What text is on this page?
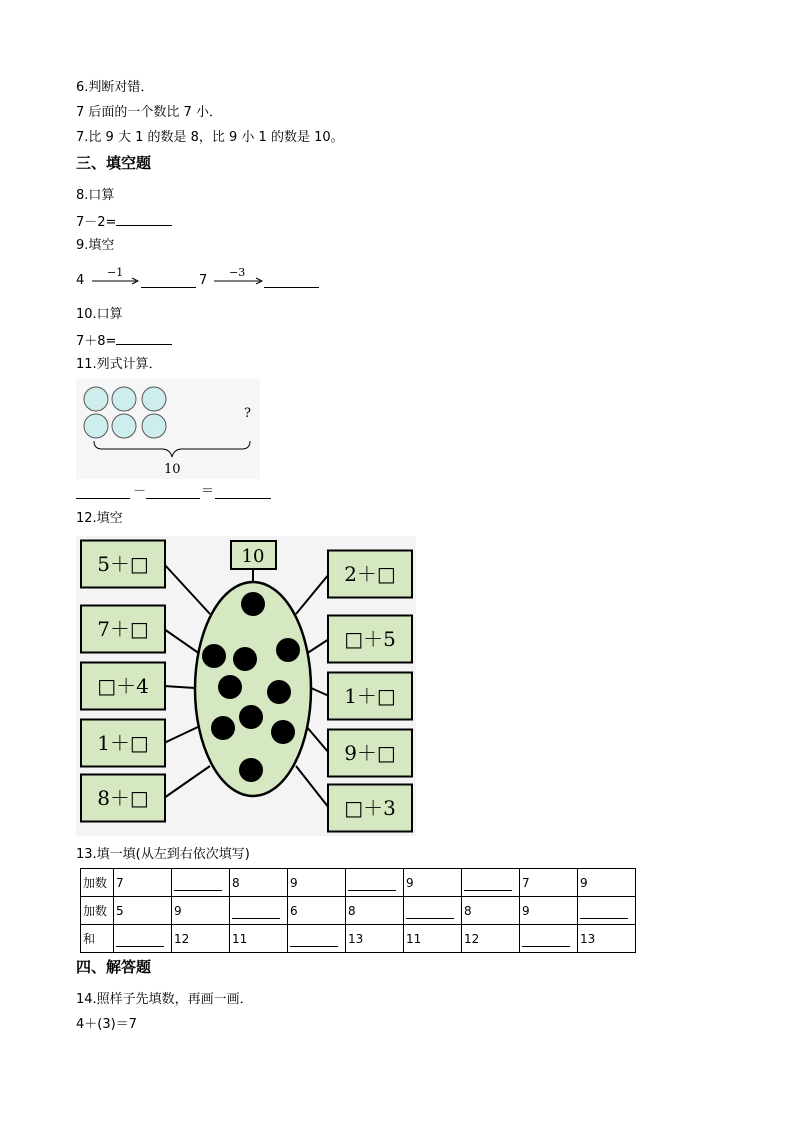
6.判断对错．
7 后面的一个数比 7 小．
7.比 9 大 1 的数是 8，比 9 小 1 的数是 10。
三、填空题
8.口算
7－2=
9.填空
4
−1
7
−3
10.口算
7＋8=
11.列式计算．
?
10
－	＝
12.填空
10
5＋□
7＋□
□＋4
1＋□
8＋□
2＋□
□＋5
1＋□
9＋□
□＋3
13.填一填(从左到右依次填写)
加数	7		8	9		9		7	9
加数	5	9		6	8		8	9	
和		12	11		13	11	12		13
四、解答题
14.照样子先填数，再画一画．
4＋(3)＝7
